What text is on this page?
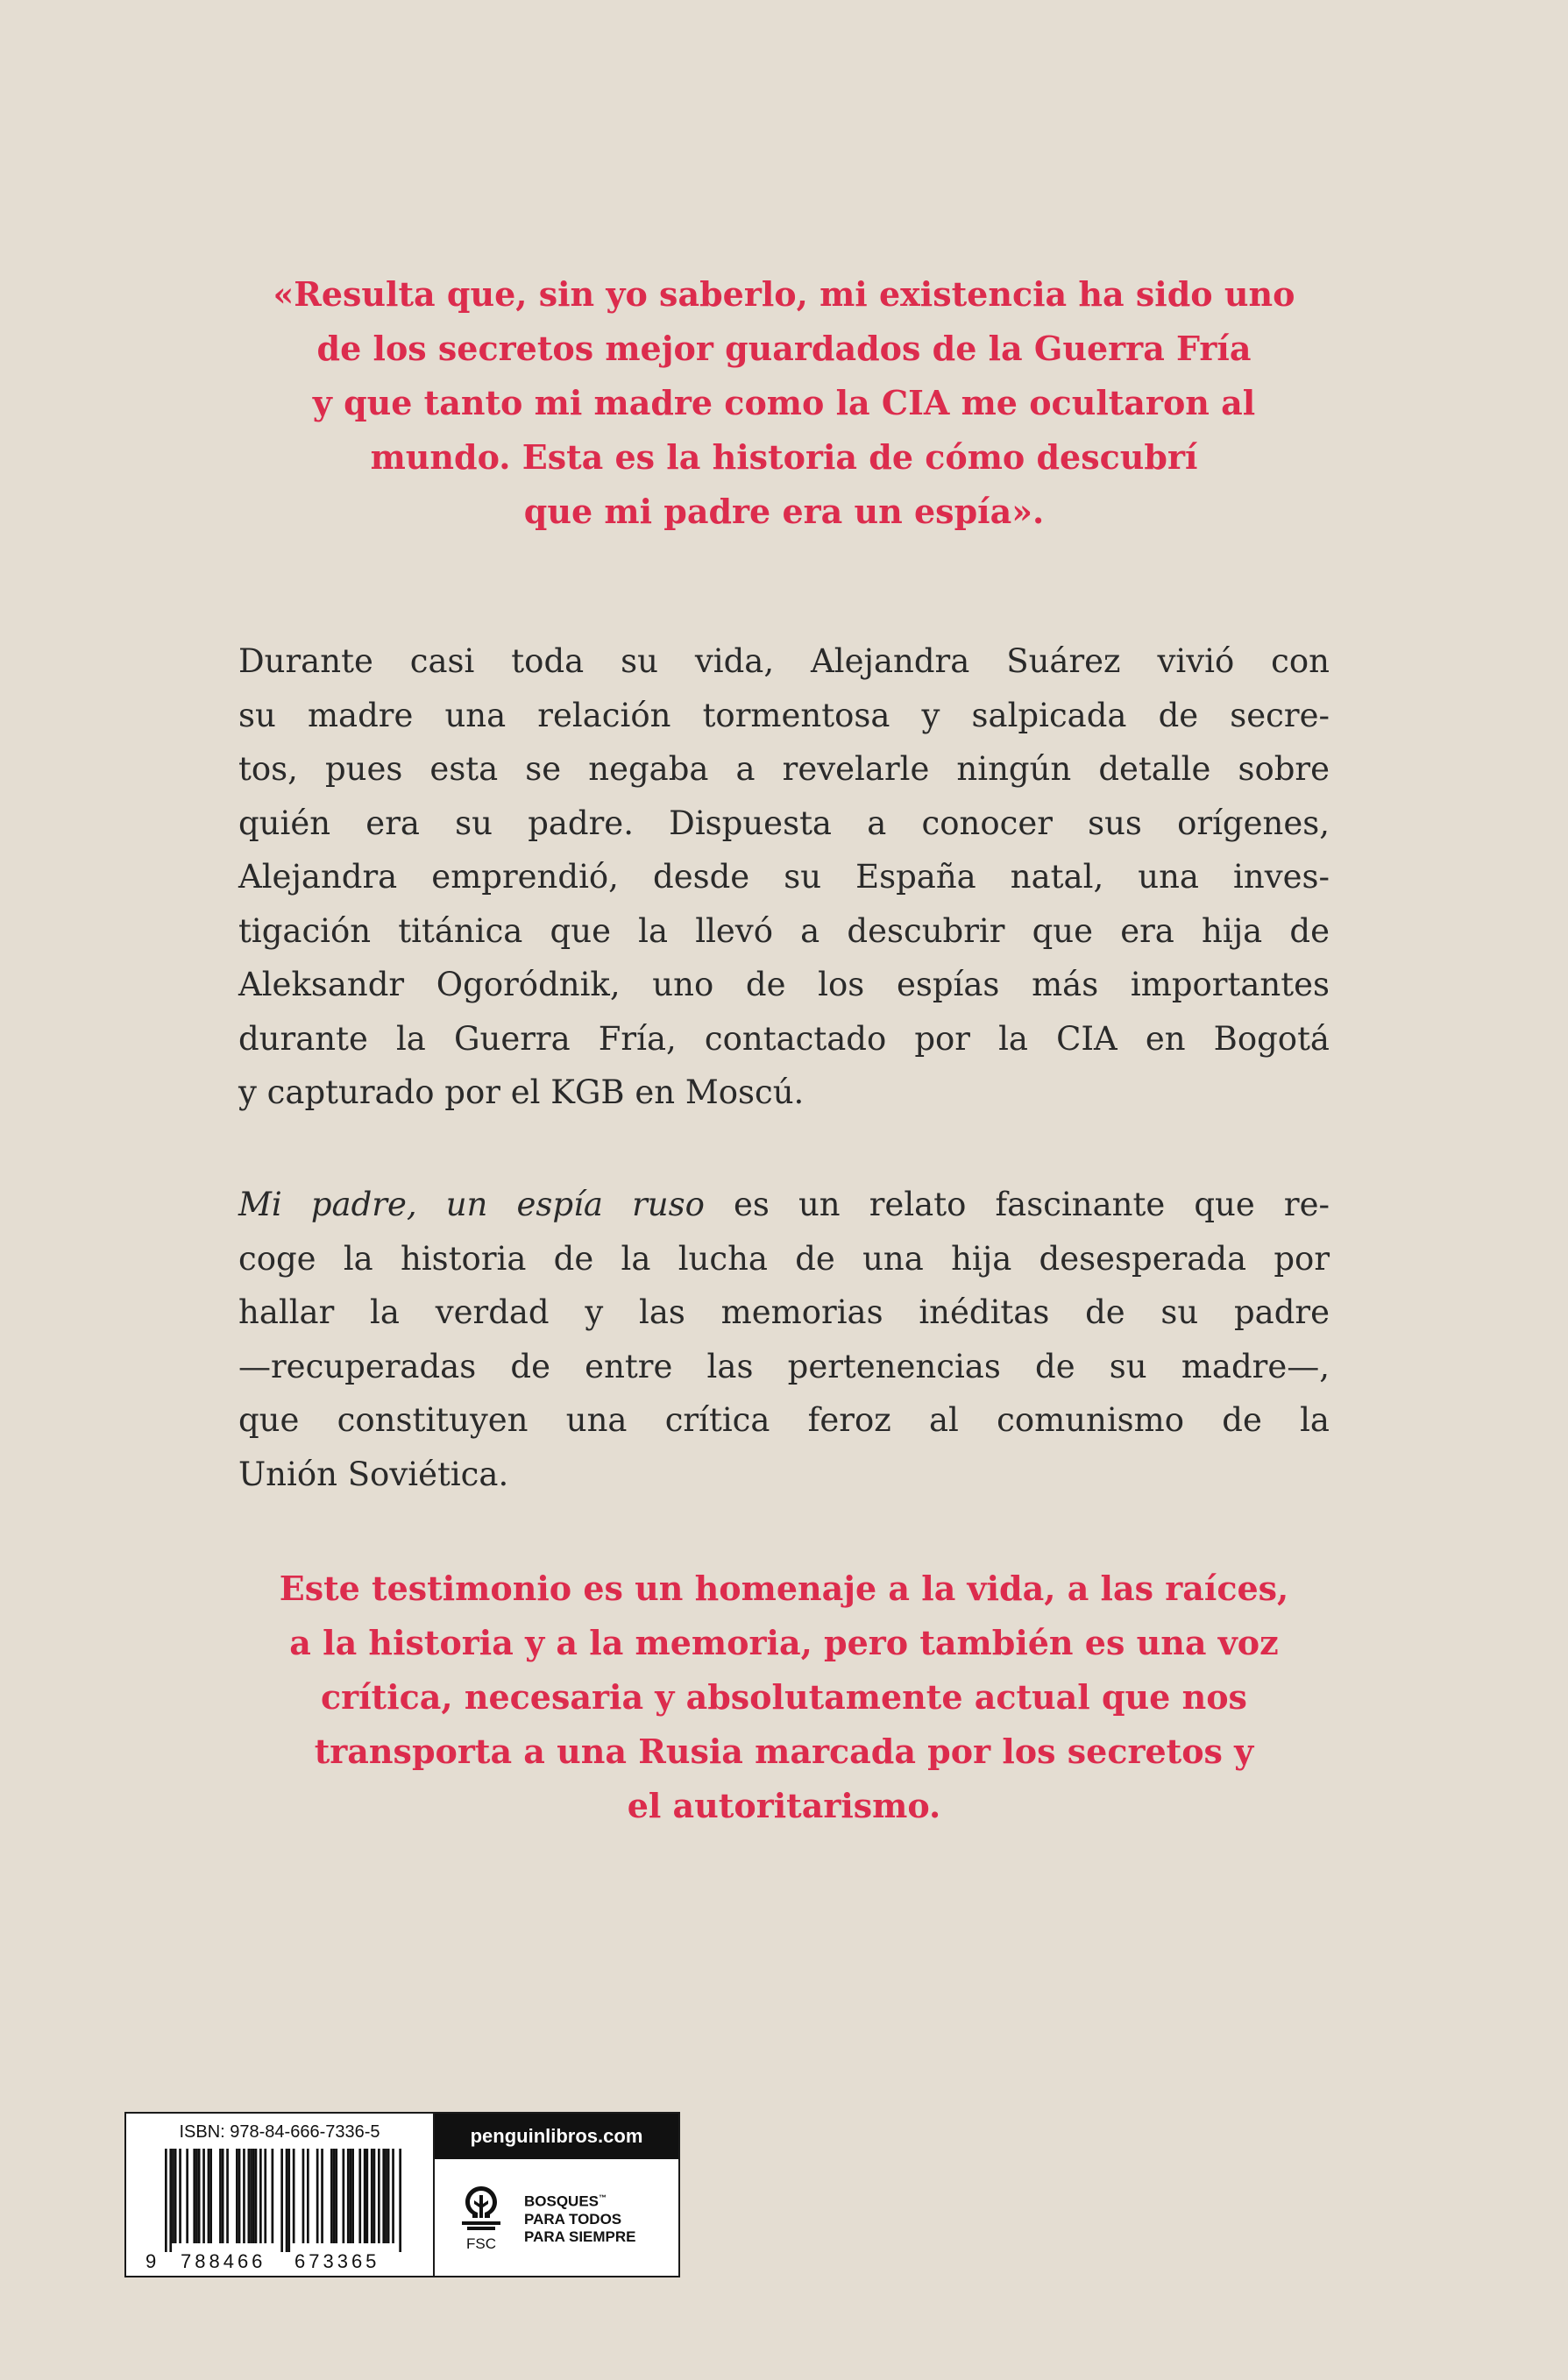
«Resulta que, sin yo saberlo, mi existencia ha sido uno
de los secretos mejor guardados de la Guerra Fría
y que tanto mi madre como la CIA me ocultaron al
mundo. Esta es la historia de cómo descubrí
que mi padre era un espía».
Durante casi toda su vida, Alejandra Suárez vivió con
su madre una relación tormentosa y salpicada de secre-
tos, pues esta se negaba a revelarle ningún detalle sobre
quién era su padre. Dispuesta a conocer sus orígenes,
Alejandra emprendió, desde su España natal, una inves-
tigación titánica que la llevó a descubrir que era hija de
Aleksandr Ogoródnik, uno de los espías más importantes
durante la Guerra Fría, contactado por la CIA en Bogotá
y capturado por el KGB en Moscú.
Mi padre, un espía ruso es un relato fascinante que re-
coge la historia de la lucha de una hija desesperada por
hallar la verdad y las memorias inéditas de su padre
—recuperadas de entre las pertenencias de su madre—,
que constituyen una crítica feroz al comunismo de la
Unión Soviética.
Este testimonio es un homenaje a la vida, a las raíces,
a la historia y a la memoria, pero también es una voz
crítica, necesaria y absolutamente actual que nos
transporta a una Rusia marcada por los secretos y
el autoritarismo.
ISBN: 978-84-666-7336-5
9 788466 673365
penguinlibros.com
FSC
BOSQUES™
PARA TODOS
PARA SIEMPRE
